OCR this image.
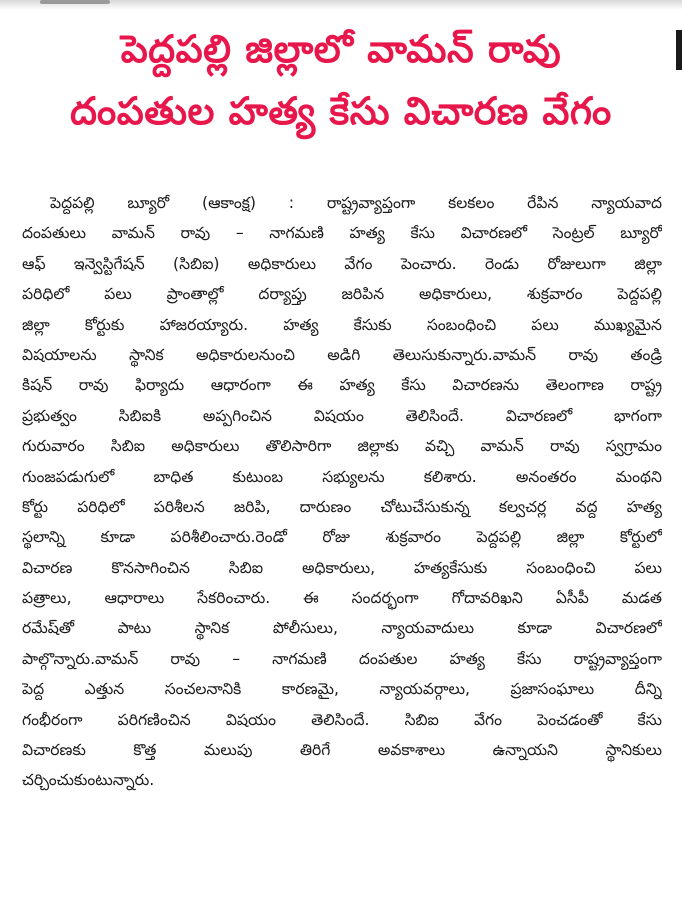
పెద్దపల్లి జిల్లాలో వామన్ రావు
దంపతుల హత్య కేసు విచారణ వేగం
పెద్దపల్లి బ్యూరో (ఆకాంక్ష) : రాష్ట్రవ్యాప్తంగా కలకలం రేపిన న్యాయవాద
దంపతులు వామన్ రావు – నాగమణి హత్య కేసు విచారణలో సెంట్రల్ బ్యూరో
ఆఫ్ ఇన్వెస్టిగేషన్ (సిబిఐ) అధికారులు వేగం పెంచారు. రెండు రోజులుగా జిల్లా
పరిధిలో పలు ప్రాంతాల్లో దర్యాప్తు జరిపిన అధికారులు, శుక్రవారం పెద్దపల్లి
జిల్లా కోర్టుకు హాజరయ్యారు. హత్య కేసుకు సంబంధించి పలు ముఖ్యమైన
విషయాలను స్థానిక అధికారులనుంచి అడిగి తెలుసుకున్నారు.వామన్ రావు తండ్రి
కిషన్ రావు ఫిర్యాదు ఆధారంగా ఈ హత్య కేసు విచారణను తెలంగాణ రాష్ట్ర
ప్రభుత్వం సిబిఐకి అప్పగించిన విషయం తెలిసిందే. విచారణలో భాగంగా
గురువారం సిబిఐ అధికారులు తొలిసారిగా జిల్లాకు వచ్చి వామన్ రావు స్వగ్రామం
గుంజపడుగులో బాధిత కుటుంబ సభ్యులను కలిశారు. అనంతరం మంథని
కోర్టు పరిధిలో పరిశీలన జరిపి, దారుణం చోటుచేసుకున్న కల్వచర్ల వద్ద హత్య
స్థలాన్ని కూడా పరిశీలించారు.రెండో రోజు శుక్రవారం పెద్దపల్లి జిల్లా కోర్టులో
విచారణ కొనసాగించిన సిబిఐ అధికారులు, హత్యకేసుకు సంబంధించి పలు
పత్రాలు, ఆధారాలు సేకరించారు. ఈ సందర్భంగా గోదావరిఖని ఏసీపీ మడత
రమేష్‌తో పాటు స్థానిక పోలీసులు, న్యాయవాదులు కూడా విచారణలో
పాల్గొన్నారు.వామన్ రావు – నాగమణి దంపతుల హత్య కేసు రాష్ట్రవ్యాప్తంగా
పెద్ద ఎత్తున సంచలనానికి కారణమై, న్యాయవర్గాలు, ప్రజాసంఘాలు దీన్ని
గంభీరంగా పరిగణించిన విషయం తెలిసిందే. సిబిఐ వేగం పెంచడంతో కేసు
విచారణకు కొత్త మలుపు తిరిగే అవకాశాలు ఉన్నాయని స్థానికులు
చర్చించుకుంటున్నారు.
